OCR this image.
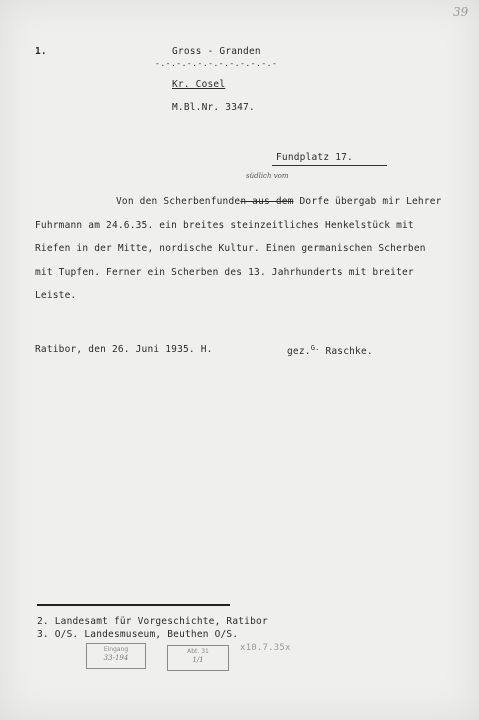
39
1.	Gross - Granden
-.-.-.-.-.-.-.-.-.-.-.-
Kr. Cosel
M.Bl.Nr. 3347.
Fundplatz 17.
südlich vom
Von den Scherbenfunden aus dem Dorfe übergab mir Lehrer
Fuhrmann am 24.6.35. ein breites steinzeitliches Henkelstück mit
Riefen in der Mitte, nordische Kultur. Einen germanischen Scherben
mit Tupfen. Ferner ein Scherben des 13. Jahrhunderts mit breiter
Leiste.
Ratibor, den 26. Juni 1935. H.	gez.$^{G.}$ Raschke.
2. Landesamt für Vorgeschichte, Ratibor
3. O/S. Landesmuseum, Beuthen O/S.
Eingang
33-194
Abt. 31
1/1
x10.7.35x
